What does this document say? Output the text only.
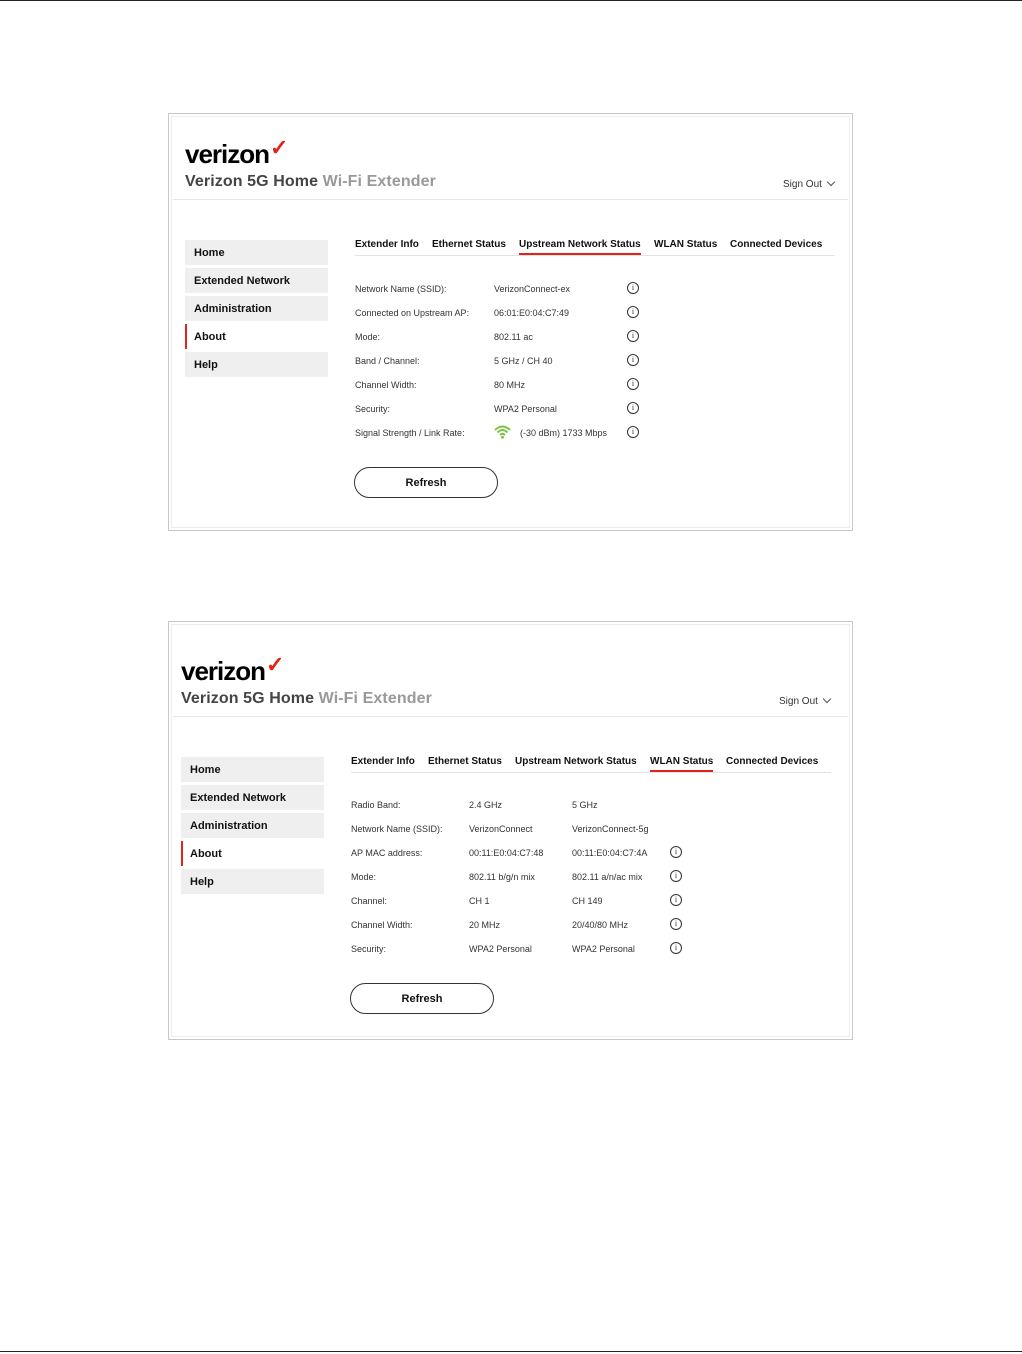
verizon✓
Verizon 5G Home Wi-Fi Extender	Sign Out
Home
Extended Network
Administration
About
Help
Extender Info Ethernet Status Upstream Network Status WLAN Status Connected Devices
Refresh
Network Name (SSID):	VerizonConnect-ex	i
Connected on Upstream AP:	06:01:E0:04:C7:49	i
Mode:	802.11 ac	i
Band / Channel:	5 GHz / CH 40	i
Channel Width:	80 MHz	i
Security:	WPA2 Personal	i
Signal Strength / Link Rate:	(-30 dBm) 1733 Mbps	i
verizon✓
Verizon 5G Home Wi-Fi Extender	Sign Out
Home
Extended Network
Administration
About
Help
Extender Info Ethernet Status Upstream Network Status WLAN Status Connected Devices
Refresh
Radio Band:	2.4 GHz	5 GHz
Network Name (SSID):	VerizonConnect	VerizonConnect-5g
AP MAC address:	00:11:E0:04:C7:48	00:11:E0:04:C7:4A	i
Mode:	802.11 b/g/n mix	802.11 a/n/ac mix	i
Channel:	CH 1	CH 149	i
Channel Width:	20 MHz	20/40/80 MHz	i
Security:	WPA2 Personal	WPA2 Personal	i
